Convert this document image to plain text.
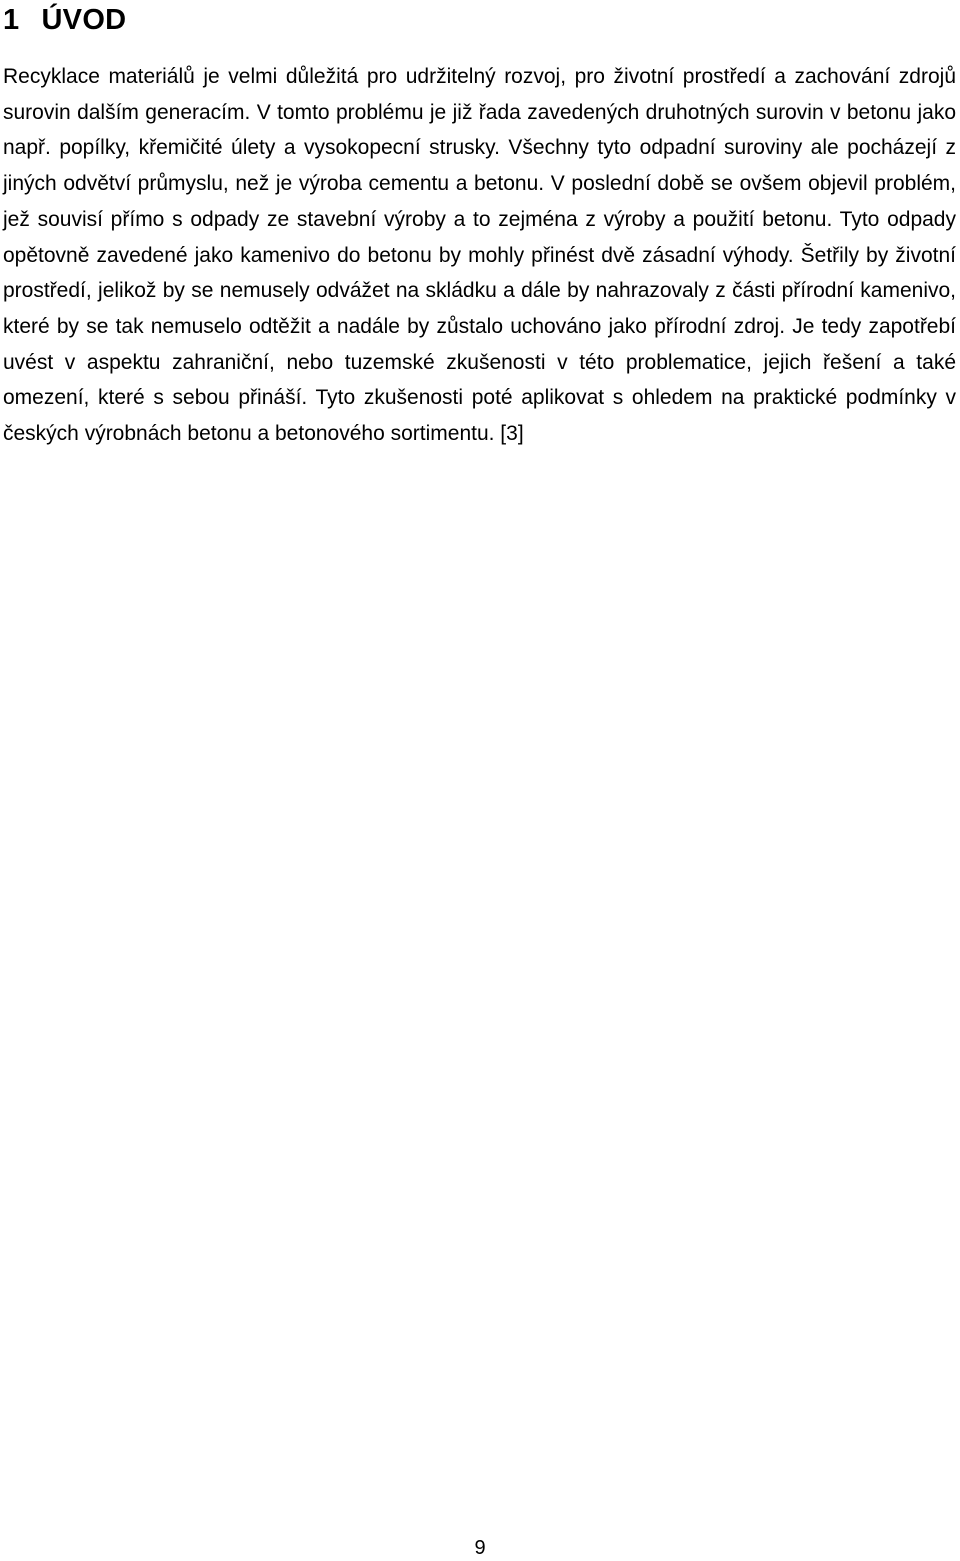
1 ÚVOD

Recyklace materiálů je velmi důležitá pro udržitelný rozvoj, pro životní prostředí a zachování zdrojů surovin dalším generacím. V tomto problému je již řada zavedených druhotných surovin v betonu jako např. popílky, křemičité úlety a vysokopecní strusky. Všechny tyto odpadní suroviny ale pocházejí z jiných odvětví průmyslu, než je výroba cementu a betonu. V poslední době se ovšem objevil problém, jež souvisí přímo s odpady ze stavební výroby a to zejména z výroby a použití betonu. Tyto odpady opětovně zavedené jako kamenivo do betonu by mohly přinést dvě zásadní výhody. Šetřily by životní prostředí, jelikož by se nemusely odvážet na skládku a dále by nahrazovaly z části přírodní kamenivo, které by se tak nemuselo odtěžit a nadále by zůstalo uchováno jako přírodní zdroj. Je tedy zapotřebí uvést v aspektu zahraniční, nebo tuzemské zkušenosti v této problematice, jejich řešení a také omezení, které s sebou přináší. Tyto zkušenosti poté aplikovat s ohledem na praktické podmínky v českých výrobnách betonu a betonového sortimentu. [3]

9
